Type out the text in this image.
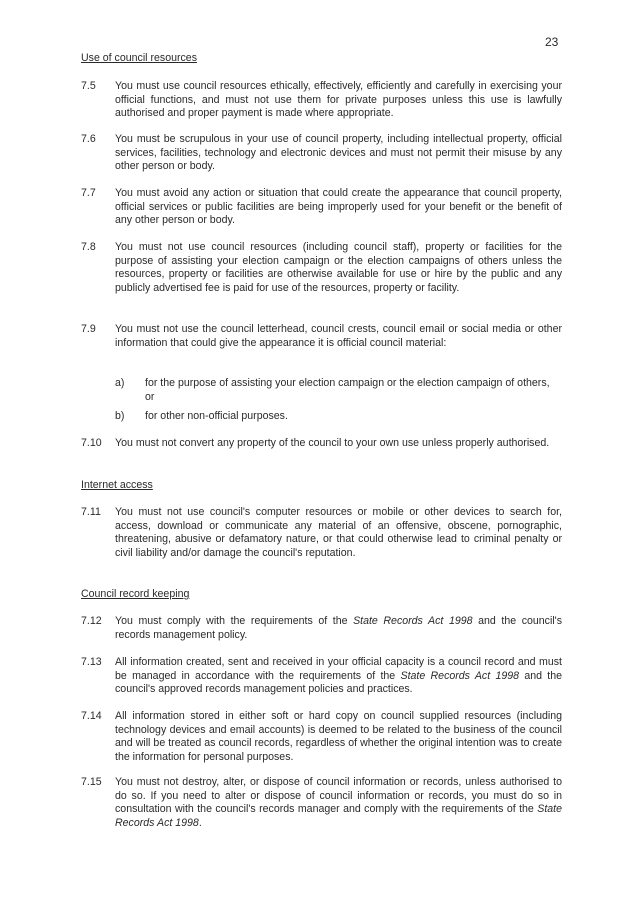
23
Use of council resources
7.5 You must use council resources ethically, effectively, efficiently and carefully in exercising your official functions, and must not use them for private purposes unless this use is lawfully authorised and proper payment is made where appropriate.
7.6 You must be scrupulous in your use of council property, including intellectual property, official services, facilities, technology and electronic devices and must not permit their misuse by any other person or body.
7.7 You must avoid any action or situation that could create the appearance that council property, official services or public facilities are being improperly used for your benefit or the benefit of any other person or body.
7.8 You must not use council resources (including council staff), property or facilities for the purpose of assisting your election campaign or the election campaigns of others unless the resources, property or facilities are otherwise available for use or hire by the public and any publicly advertised fee is paid for use of the resources, property or facility.
7.9 You must not use the council letterhead, council crests, council email or social media or other information that could give the appearance it is official council material:
a) for the purpose of assisting your election campaign or the election campaign of others, or
b) for other non-official purposes.
7.10 You must not convert any property of the council to your own use unless properly authorised.
Internet access
7.11 You must not use council's computer resources or mobile or other devices to search for, access, download or communicate any material of an offensive, obscene, pornographic, threatening, abusive or defamatory nature, or that could otherwise lead to criminal penalty or civil liability and/or damage the council's reputation.
Council record keeping
7.12 You must comply with the requirements of the State Records Act 1998 and the council's records management policy.
7.13 All information created, sent and received in your official capacity is a council record and must be managed in accordance with the requirements of the State Records Act 1998 and the council's approved records management policies and practices.
7.14 All information stored in either soft or hard copy on council supplied resources (including technology devices and email accounts) is deemed to be related to the business of the council and will be treated as council records, regardless of whether the original intention was to create the information for personal purposes.
7.15 You must not destroy, alter, or dispose of council information or records, unless authorised to do so. If you need to alter or dispose of council information or records, you must do so in consultation with the council's records manager and comply with the requirements of the State Records Act 1998.
